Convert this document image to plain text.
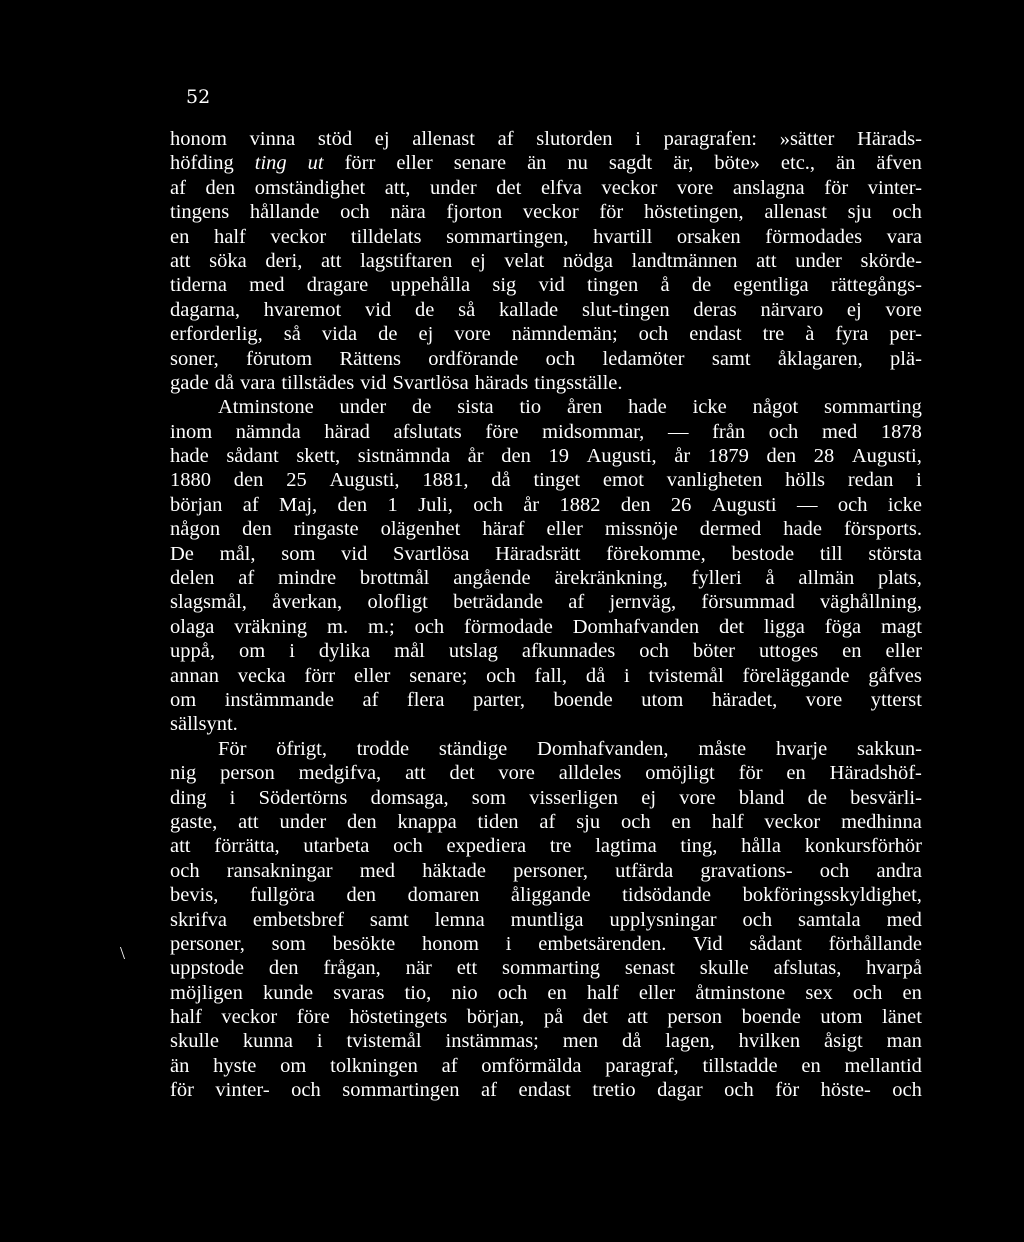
52
\
honom vinna stöd ej allenast af slutorden i paragrafen: »sätter Härads-
höfding ting ut förr eller senare än nu sagdt är, böte» etc., än äfven
af den omständighet att, under det elfva veckor vore anslagna för vinter-
tingens hållande och nära fjorton veckor för höstetingen, allenast sju och
en half veckor tilldelats sommartingen, hvartill orsaken förmodades vara
att söka deri, att lagstiftaren ej velat nödga landtmännen att under skörde-
tiderna med dragare uppehålla sig vid tingen å de egentliga rättegångs-
dagarna, hvaremot vid de så kallade slut-tingen deras närvaro ej vore
erforderlig, så vida de ej vore nämndemän; och endast tre à fyra per-
soner, förutom Rättens ordförande och ledamöter samt åklagaren, plä-
gade då vara tillstädes vid Svartlösa härads tingsställe.
Atminstone under de sista tio åren hade icke något sommarting
inom nämnda härad afslutats före midsommar, — från och med 1878
hade sådant skett, sistnämnda år den 19 Augusti, år 1879 den 28 Augusti,
1880 den 25 Augusti, 1881, då tinget emot vanligheten hölls redan i
början af Maj, den 1 Juli, och år 1882 den 26 Augusti — och icke
någon den ringaste olägenhet häraf eller missnöje dermed hade försports.
De mål, som vid Svartlösa Häradsrätt förekomme, bestode till största
delen af mindre brottmål angående ärekränkning, fylleri å allmän plats,
slagsmål, åverkan, olofligt beträdande af jernväg, försummad väghållning,
olaga vräkning m. m.; och förmodade Domhafvanden det ligga föga magt
uppå, om i dylika mål utslag afkunnades och böter uttoges en eller
annan vecka förr eller senare; och fall, då i tvistemål föreläggande gåfves
om instämmande af flera parter, boende utom häradet, vore ytterst
sällsynt.
För öfrigt, trodde ständige Domhafvanden, måste hvarje sakkun-
nig person medgifva, att det vore alldeles omöjligt för en Häradshöf-
ding i Södertörns domsaga, som visserligen ej vore bland de besvärli-
gaste, att under den knappa tiden af sju och en half veckor medhinna
att förrätta, utarbeta och expediera tre lagtima ting, hålla konkursförhör
och ransakningar med häktade personer, utfärda gravations- och andra
bevis, fullgöra den domaren åliggande tidsödande bokföringsskyldighet,
skrifva embetsbref samt lemna muntliga upplysningar och samtala med
personer, som besökte honom i embetsärenden. Vid sådant förhållande
uppstode den frågan, när ett sommarting senast skulle afslutas, hvarpå
möjligen kunde svaras tio, nio och en half eller åtminstone sex och en
half veckor före höstetingets början, på det att person boende utom länet
skulle kunna i tvistemål instämmas; men då lagen, hvilken åsigt man
än hyste om tolkningen af omförmälda paragraf, tillstadde en mellantid
för vinter- och sommartingen af endast tretio dagar och för höste- och
